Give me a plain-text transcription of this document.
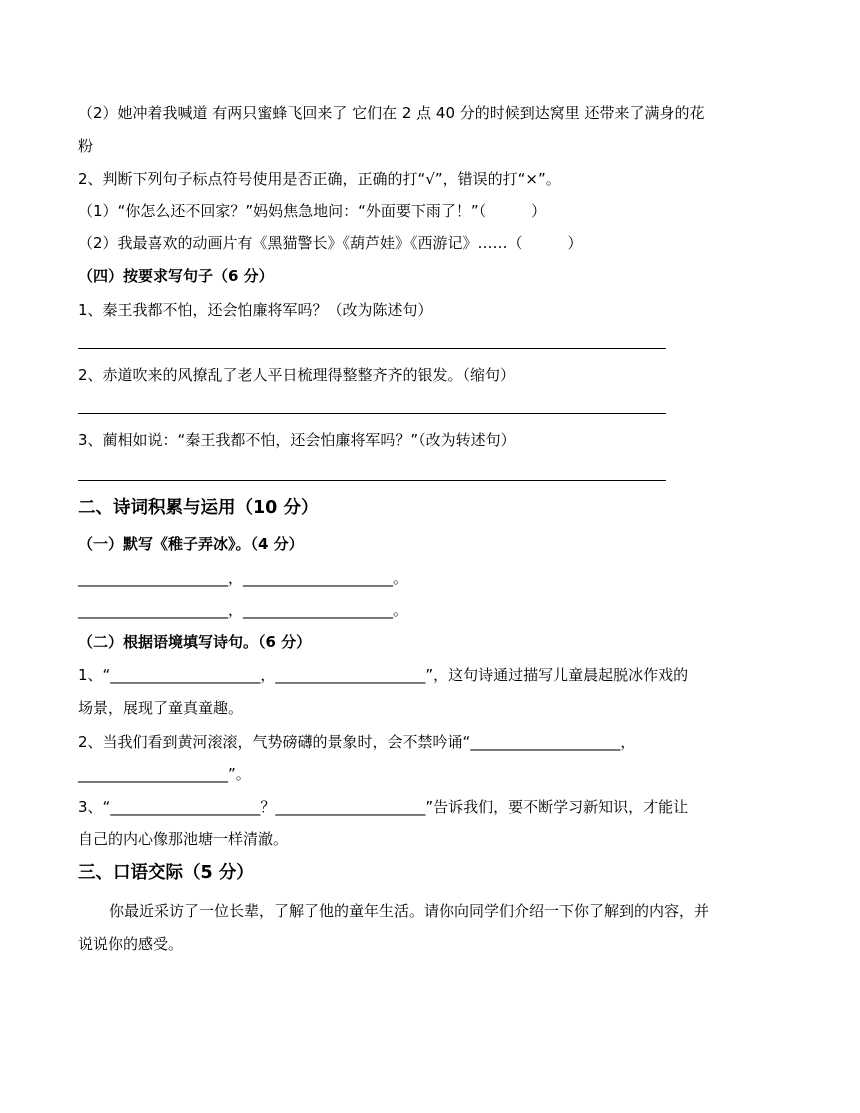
（2）她冲着我喊道 有两只蜜蜂飞回来了 它们在 2 点 40 分的时候到达窝里 还带来了满身的花
粉
2、判断下列句子标点符号使用是否正确，正确的打“√”，错误的打“×”。
（1）“你怎么还不回家？”妈妈焦急地问：“外面要下雨了！”（　　　）
（2）我最喜欢的动画片有《黑猫警长》《葫芦娃》《西游记》……（　　　）
（四）按要求写句子（6 分）
1、秦王我都不怕，还会怕廉将军吗？（改为陈述句）
2、赤道吹来的风撩乱了老人平日梳理得整整齐齐的银发。（缩句）
3、蔺相如说：“秦王我都不怕，还会怕廉将军吗？”（改为转述句）
二、诗词积累与运用（10 分）
（一）默写《稚子弄冰》。（4 分）
____________________，____________________。
____________________，____________________。
（二）根据语境填写诗句。（6 分）
1、“____________________，____________________”，这句诗通过描写儿童晨起脱冰作戏的
场景，展现了童真童趣。
2、当我们看到黄河滚滚，气势磅礴的景象时，会不禁吟诵“____________________，
____________________”。
3、“____________________？____________________”告诉我们，要不断学习新知识，才能让
自己的内心像那池塘一样清澈。
三、口语交际（5 分）
你最近采访了一位长辈，了解了他的童年生活。请你向同学们介绍一下你了解到的内容，并
说说你的感受。
